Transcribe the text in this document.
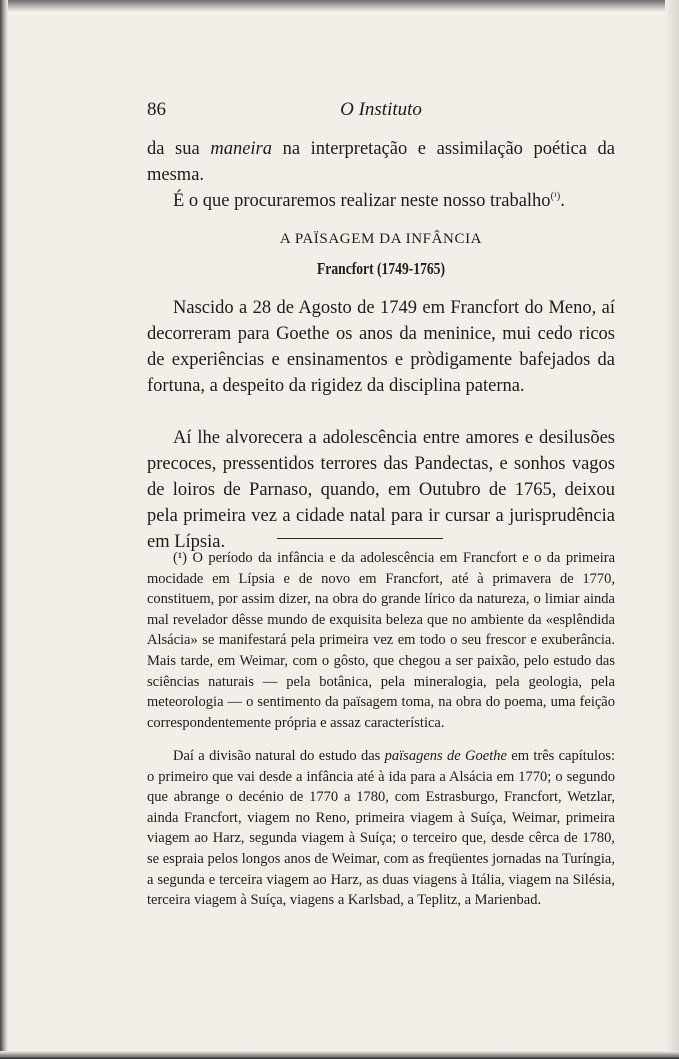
86	O Instituto

da sua maneira na interpretação e assimilação poética da mesma.

É o que procuraremos realizar neste nosso trabalho$^{(^1)}$.

A PAÏSAGEM DA INFÂNCIA
Francfort (1749-1765)

Nascido a 28 de Agosto de 1749 em Francfort do Meno, aí decorreram para Goethe os anos da meninice, mui cedo ricos de experiências e ensinamentos e pròdigamente bafejados da fortuna, a despeito da rigidez da disciplina paterna.

Aí lhe alvorecera a adolescência entre amores e desilusões precoces, pressentidos terrores das Pandectas, e sonhos vagos de loiros de Parnaso, quando, em Outubro de 1765, deixou pela primeira vez a cidade natal para ir cursar a jurisprudência em Lípsia.

(¹) O período da infância e da adolescência em Francfort e o da primeira mocidade em Lípsia e de novo em Francfort, até à primavera de 1770, constituem, por assim dizer, na obra do grande lírico da natureza, o limiar ainda mal revelador dêsse mundo de exquisita beleza que no ambiente da «esplêndida Alsácia» se manifestará pela primeira vez em todo o seu frescor e exuberância. Mais tarde, em Weimar, com o gôsto, que chegou a ser paixão, pelo estudo das sciências naturais — pela botânica, pela mineralogia, pela geologia, pela meteorologia — o sentimento da païsagem toma, na obra do poema, uma feição correspondentemente própria e assaz característica.

Daí a divisão natural do estudo das païsagens de Goethe em três capítulos: o primeiro que vai desde a infância até à ida para a Alsácia em 1770; o segundo que abrange o decénio de 1770 a 1780, com Estrasburgo, Francfort, Wetzlar, ainda Francfort, viagem no Reno, primeira viagem à Suíça, Weimar, primeira viagem ao Harz, segunda viagem à Suíça; o terceiro que, desde cêrca de 1780, se espraia pelos longos anos de Weimar, com as freqüentes jornadas na Turíngia, a segunda e terceira viagem ao Harz, as duas viagens à Itália, viagem na Silésia, terceira viagem à Suíça, viagens a Karlsbad, a Teplitz, a Marienbad.
